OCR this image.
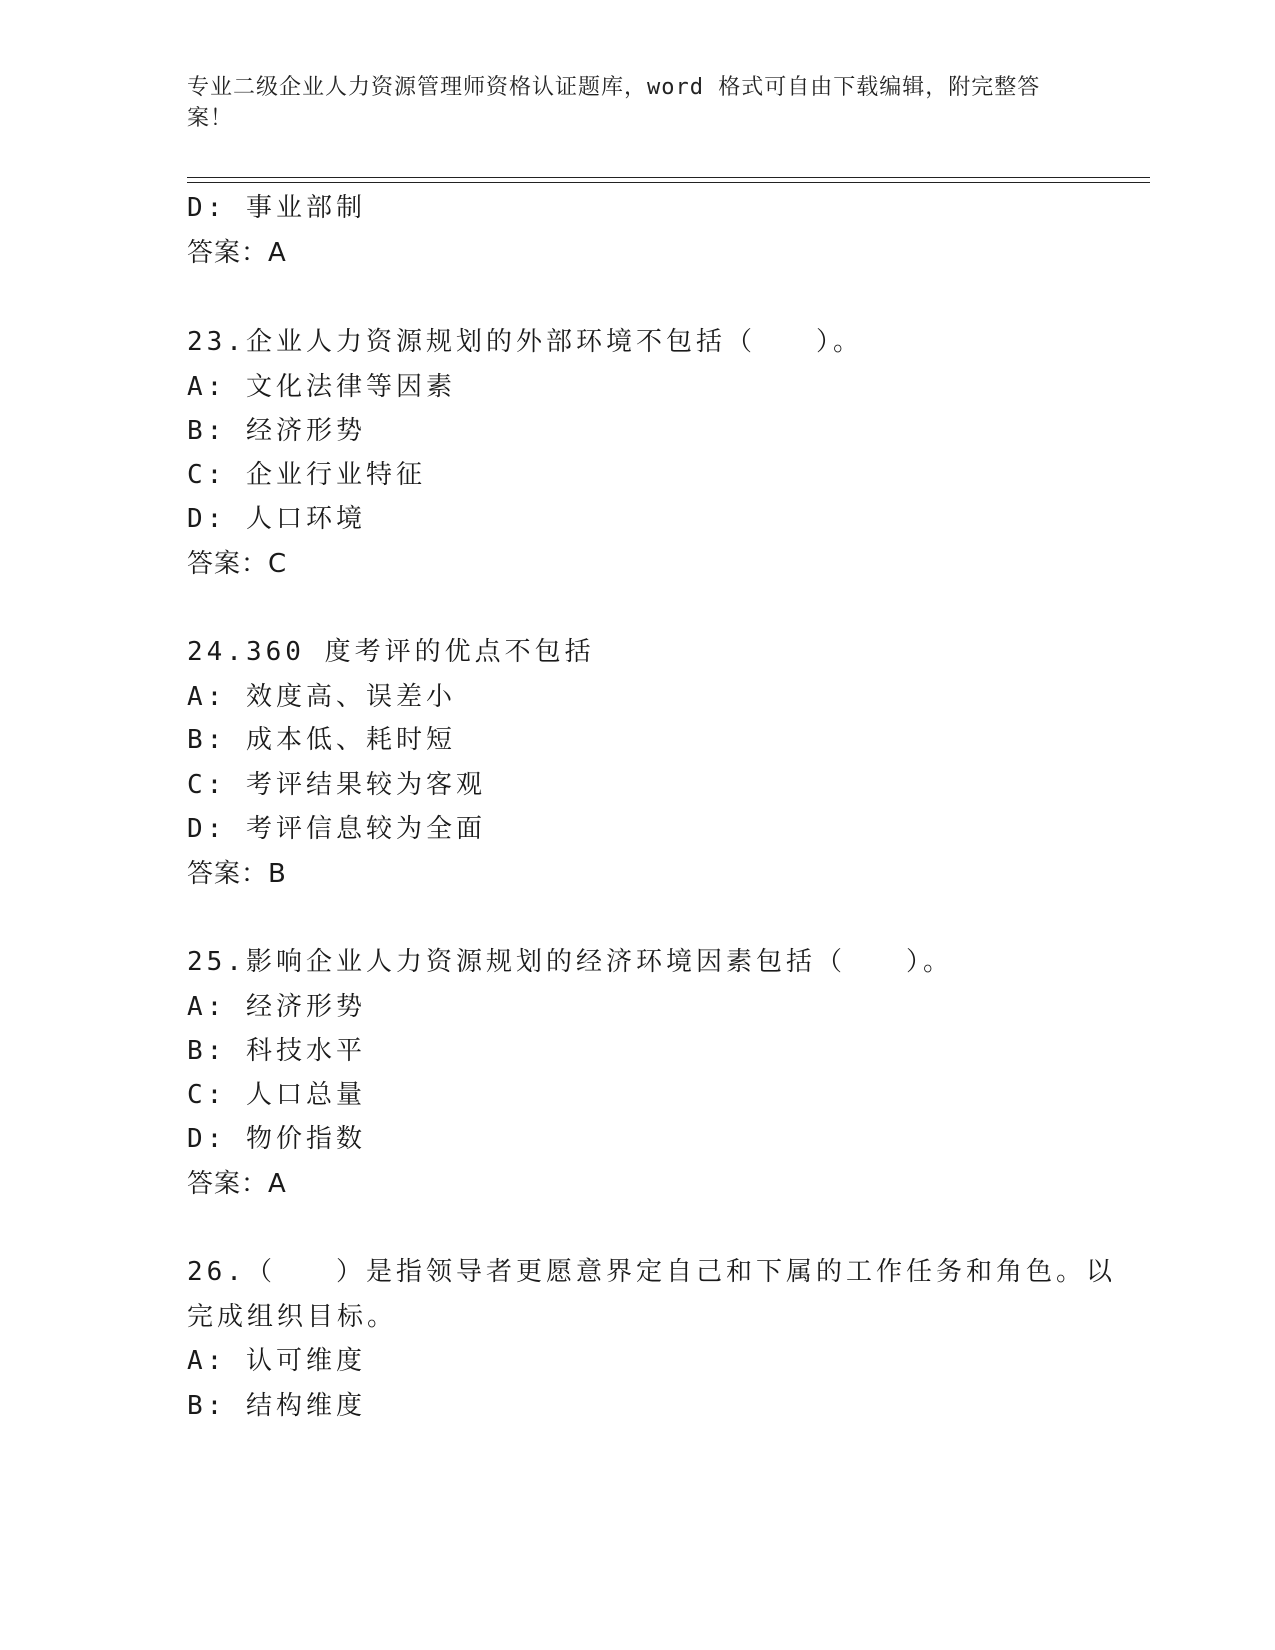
专业二级企业人力资源管理师资格认证题库，word 格式可自由下载编辑，附完整答案！
D: 事业部制
答案：A
23.企业人力资源规划的外部环境不包括（　　）。
A: 文化法律等因素
B: 经济形势
C: 企业行业特征
D: 人口环境
答案：C
24.360 度考评的优点不包括
A: 效度高、误差小
B: 成本低、耗时短
C: 考评结果较为客观
D: 考评信息较为全面
答案：B
25.影响企业人力资源规划的经济环境因素包括（　　）。
A: 经济形势
B: 科技水平
C: 人口总量
D: 物价指数
答案：A
26.（　　）是指领导者更愿意界定自己和下属的工作任务和角色。以
完成组织目标。
A: 认可维度
B: 结构维度
